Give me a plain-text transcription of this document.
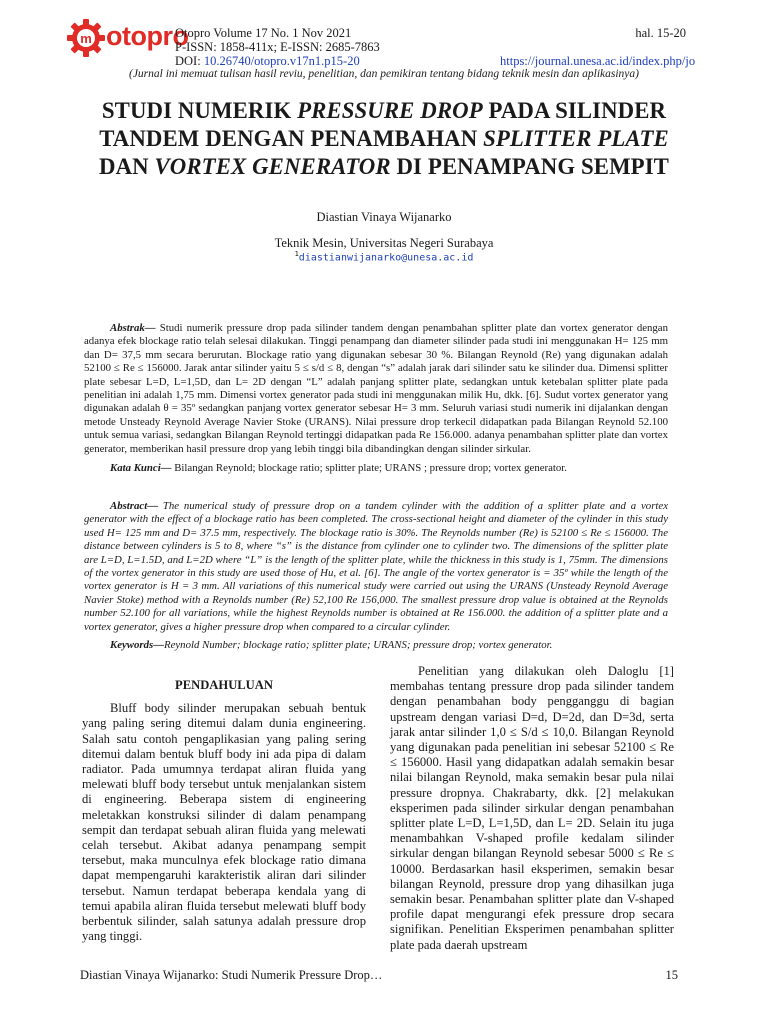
m otopro
Otopro Volume 17 No. 1 Nov 2021
P-ISSN: 1858-411x; E-ISSN: 2685-7863
DOI: 10.26740/otopro.v17n1.p15-20	https://journal.unesa.ac.id/index.php/jo
hal. 15-20
(Jurnal ini memuat tulisan hasil reviu, penelitian, dan pemikiran tentang bidang teknik mesin dan aplikasinya)
STUDI NUMERIK PRESSURE DROP PADA SILINDER
TANDEM DENGAN PENAMBAHAN SPLITTER PLATE
DAN VORTEX GENERATOR DI PENAMPANG SEMPIT
Diastian Vinaya Wijanarko
Teknik Mesin, Universitas Negeri Surabaya
$^1$diastianwijanarko@unesa.ac.id

Abstrak— Studi numerik pressure drop pada silinder tandem dengan penambahan splitter plate dan vortex generator dengan adanya efek blockage ratio telah selesai dilakukan. Tinggi penampang dan diameter silinder pada studi ini menggunakan H= 125 mm dan D= 37,5 mm secara berurutan. Blockage ratio yang digunakan sebesar 30 %. Bilangan Reynold (Re) yang digunakan adalah 52100 ≤ Re ≤ 156000. Jarak antar silinder yaitu 5 ≤ s/d ≤ 8, dengan “s” adalah jarak dari silinder satu ke silinder dua. Dimensi splitter plate sebesar L=D, L=1,5D, dan L= 2D dengan “L” adalah panjang splitter plate, sedangkan untuk ketebalan splitter plate pada penelitian ini adalah 1,75 mm. Dimensi vortex generator pada studi ini menggunakan milik Hu, dkk. [6]. Sudut vortex generator yang digunakan adalah θ = 35º sedangkan panjang vortex generator sebesar H= 3 mm. Seluruh variasi studi numerik ini dijalankan dengan metode Unsteady Reynold Average Navier Stoke (URANS). Nilai pressure drop terkecil didapatkan pada Bilangan Reynold 52.100 untuk semua variasi, sedangkan Bilangan Reynold tertinggi didapatkan pada Re 156.000. adanya penambahan splitter plate dan vortex generator, memberikan hasil pressure drop yang lebih tinggi bila dibandingkan dengan silinder sirkular.

Kata Kunci— Bilangan Reynold; blockage ratio; splitter plate; URANS ; pressure drop; vortex generator.

Abstract— The numerical study of pressure drop on a tandem cylinder with the addition of a splitter plate and a vortex generator with the effect of a blockage ratio has been completed. The cross-sectional height and diameter of the cylinder in this study used H= 125 mm and D= 37.5 mm, respectively. The blockage ratio is 30%. The Reynolds number (Re) is 52100 ≤ Re ≤ 156000. The distance between cylinders is 5 to 8, where “s” is the distance from cylinder one to cylinder two. The dimensions of the splitter plate are L=D, L=1.5D, and L=2D where “L” is the length of the splitter plate, while the thickness in this study is 1, 75mm. The dimensions of the vortex generator in this study are used those of Hu, et al. [6]. The angle of the vortex generator is = 35º while the length of the vortex generator is H = 3 mm. All variations of this numerical study were carried out using the URANS (Unsteady Reynold Average Navier Stoke) method with a Reynolds number (Re) 52,100 Re 156,000. The smallest pressure drop value is obtained at the Reynolds number 52.100 for all variations, while the highest Reynolds number is obtained at Re 156.000. the addition of a splitter plate and a vortex generator, gives a higher pressure drop when compared to a circular cylinder.

Keywords—Reynold Number; blockage ratio; splitter plate; URANS; pressure drop; vortex generator.

PENDAHULUAN

Bluff body silinder merupakan sebuah bentuk yang paling sering ditemui dalam dunia engineering. Salah satu contoh pengaplikasian yang paling sering ditemui dalam bentuk bluff body ini ada pipa di dalam radiator. Pada umumnya terdapat aliran fluida yang melewati bluff body tersebut untuk menjalankan sistem di engineering. Beberapa sistem di engineering meletakkan konstruksi silinder di dalam penampang sempit dan terdapat sebuah aliran fluida yang melewati celah tersebut. Akibat adanya penampang sempit tersebut, maka munculnya efek blockage ratio dimana dapat mempengaruhi karakteristik aliran dari silinder tersebut. Namun terdapat beberapa kendala yang di temui apabila aliran fluida tersebut melewati bluff body berbentuk silinder, salah satunya adalah pressure drop yang tinggi.

Penelitian yang dilakukan oleh Daloglu [1] membahas tentang pressure drop pada silinder tandem dengan penambahan body pengganggu di bagian upstream dengan variasi D=d, D=2d, dan D=3d, serta jarak antar silinder 1,0 ≤ S/d ≤ 10,0. Bilangan Reynold yang digunakan pada penelitian ini sebesar 52100 ≤ Re ≤ 156000. Hasil yang didapatkan adalah semakin besar nilai bilangan Reynold, maka semakin besar pula nilai pressure dropnya. Chakrabarty, dkk. [2] melakukan eksperimen pada silinder sirkular dengan penambahan splitter plate L=D, L=1,5D, dan L= 2D. Selain itu juga menambahkan V-shaped profile kedalam silinder sirkular dengan bilangan Reynold sebesar 5000 ≤ Re ≤ 10000. Berdasarkan hasil eksperimen, semakin besar bilangan Reynold, pressure drop yang dihasilkan juga semakin besar. Penambahan splitter plate dan V-shaped profile dapat mengurangi efek pressure drop secara signifikan. Penelitian Eksperimen penambahan splitter plate pada daerah upstream

Diastian Vinaya Wijanarko: Studi Numerik Pressure Drop…	15
